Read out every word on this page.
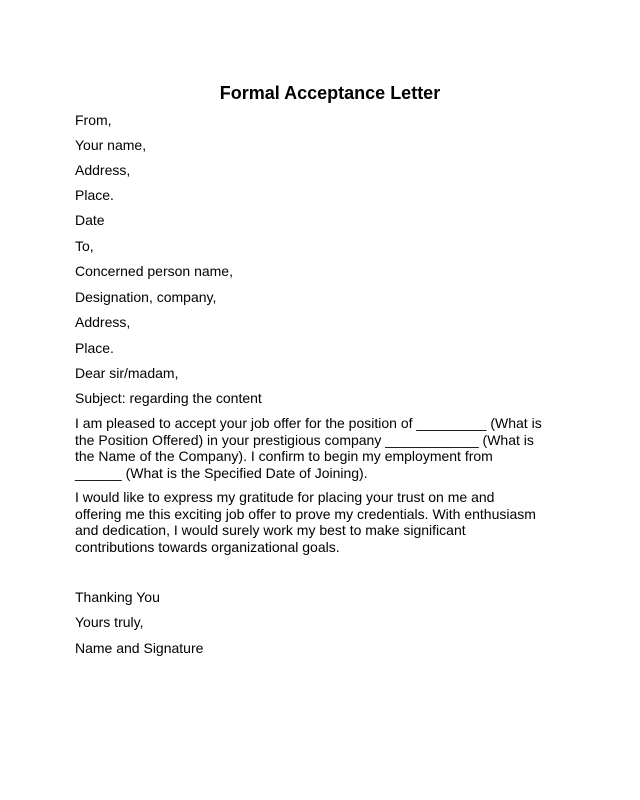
Formal Acceptance Letter
From,
Your name,
Address,
Place.
Date
To,
Concerned person name,
Designation, company,
Address,
Place.
Dear sir/madam,
Subject: regarding the content
I am pleased to accept your job offer for the position of _________ (What is
the Position Offered) in your prestigious company ____________ (What is
the Name of the Company). I confirm to begin my employment from
______ (What is the Specified Date of Joining).
I would like to express my gratitude for placing your trust on me and
offering me this exciting job offer to prove my credentials. With enthusiasm
and dedication, I would surely work my best to make significant
contributions towards organizational goals.
Thanking You
Yours truly,
Name and Signature
